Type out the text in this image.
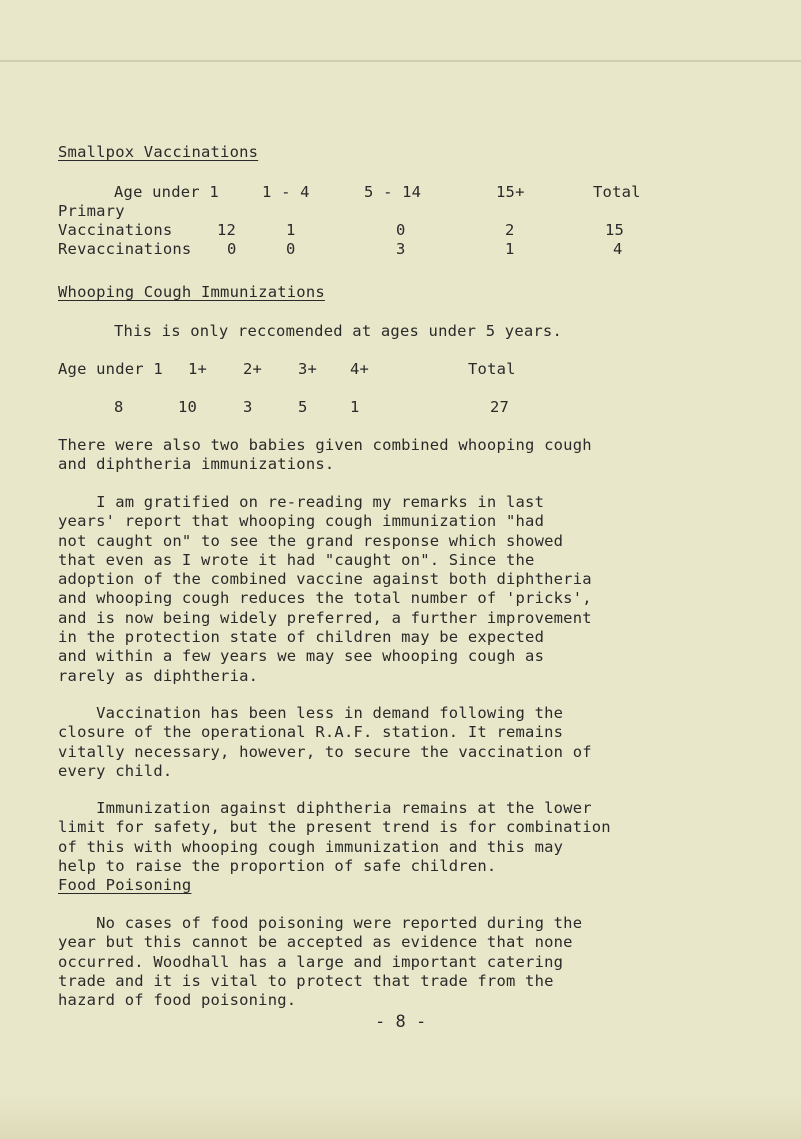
Smallpox Vaccinations
Age under 1	1 - 4	5 - 14	15+	Total
Primary
Vaccinations	12	1	0	2	15
Revaccinations 0	0	3	1	4
Whooping Cough Immunizations
This is only reccomended at ages under 5 years.
Age under 1 1+ 2+ 3+ 4+	Total
8	10	3	5	1	27
There were also two babies given combined whooping cough
and diphtheria immunizations.
I am gratified on re-reading my remarks in last
years' report that whooping cough immunization "had
not caught on" to see the grand response which showed
that even as I wrote it had "caught on". Since the
adoption of the combined vaccine against both diphtheria
and whooping cough reduces the total number of 'pricks',
and is now being widely preferred, a further improvement
in the protection state of children may be expected
and within a few years we may see whooping cough as
rarely as diphtheria.
Vaccination has been less in demand following the
closure of the operational R.A.F. station. It remains
vitally necessary, however, to secure the vaccination of
every child.
Immunization against diphtheria remains at the lower
limit for safety, but the present trend is for combination
of this with whooping cough immunization and this may
help to raise the proportion of safe children.
Food Poisoning
No cases of food poisoning were reported during the
year but this cannot be accepted as evidence that none
occurred. Woodhall has a large and important catering
trade and it is vital to protect that trade from the
hazard of food poisoning.
- 8 -
